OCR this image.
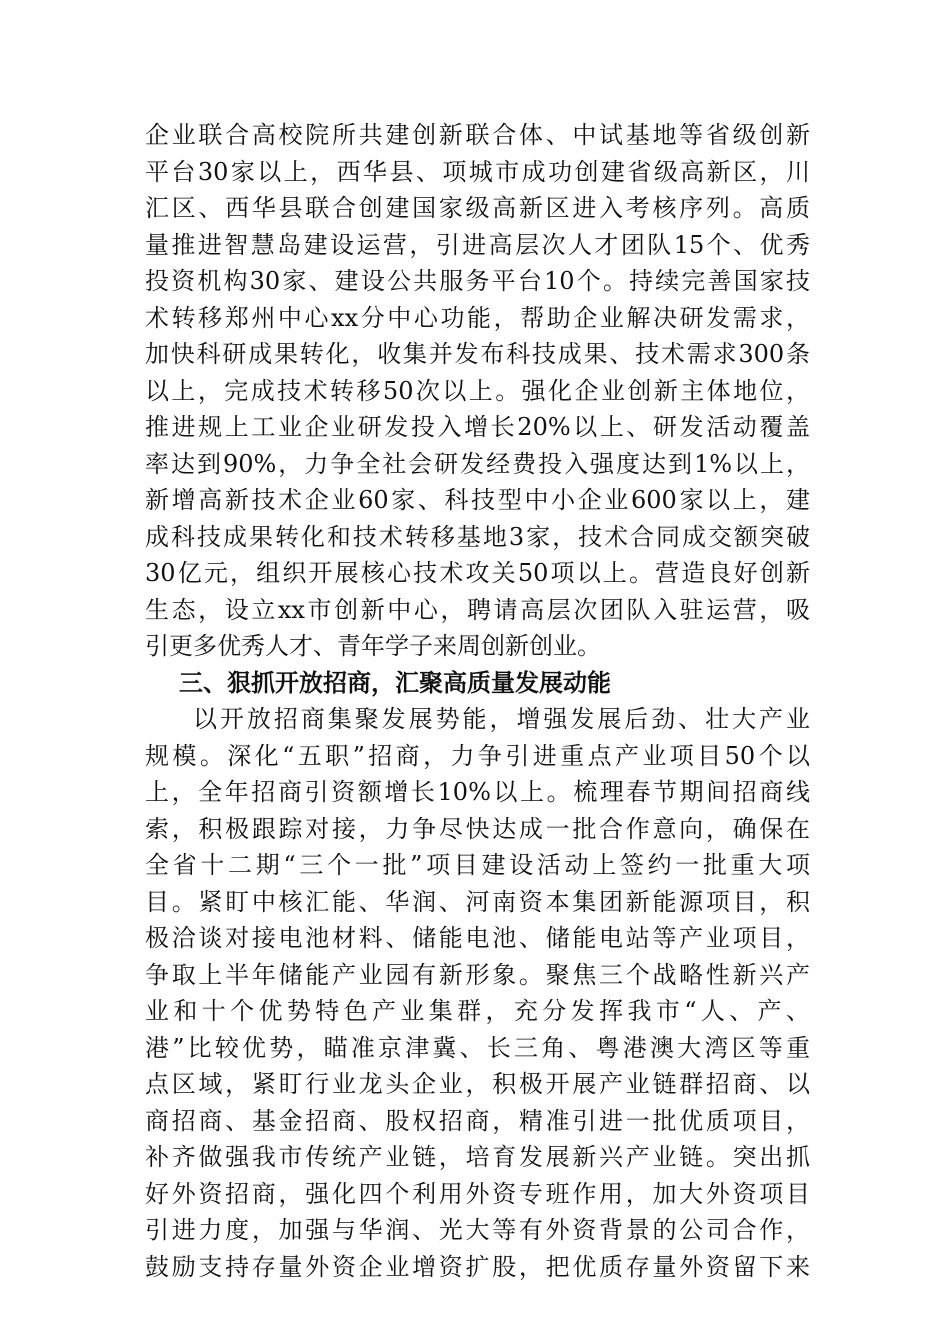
企业联合高校院所共建创新联合体、中试基地等省级创新
平台30家以上，西华县、项城市成功创建省级高新区，川
汇区、西华县联合创建国家级高新区进入考核序列。高质
量推进智慧岛建设运营，引进高层次人才团队15个、优秀
投资机构30家、建设公共服务平台10个。持续完善国家技
术转移郑州中心xx分中心功能，帮助企业解决研发需求，
加快科研成果转化，收集并发布科技成果、技术需求300条
以上，完成技术转移50次以上。强化企业创新主体地位，
推进规上工业企业研发投入增长20%以上、研发活动覆盖
率达到90%，力争全社会研发经费投入强度达到1%以上，
新增高新技术企业60家、科技型中小企业600家以上，建
成科技成果转化和技术转移基地3家，技术合同成交额突破
30亿元，组织开展核心技术攻关50项以上。营造良好创新
生态，设立xx市创新中心，聘请高层次团队入驻运营，吸
引更多优秀人才、青年学子来周创新创业。
三、狠抓开放招商，汇聚高质量发展动能
以开放招商集聚发展势能，增强发展后劲、壮大产业
规模。深化“五职”招商，力争引进重点产业项目50个以
上，全年招商引资额增长10%以上。梳理春节期间招商线
索，积极跟踪对接，力争尽快达成一批合作意向，确保在
全省十二期“三个一批”项目建设活动上签约一批重大项
目。紧盯中核汇能、华润、河南资本集团新能源项目，积
极洽谈对接电池材料、储能电池、储能电站等产业项目，
争取上半年储能产业园有新形象。聚焦三个战略性新兴产
业和十个优势特色产业集群，充分发挥我市“人、产、
港”比较优势，瞄准京津冀、长三角、粤港澳大湾区等重
点区域，紧盯行业龙头企业，积极开展产业链群招商、以
商招商、基金招商、股权招商，精准引进一批优质项目，
补齐做强我市传统产业链，培育发展新兴产业链。突出抓
好外资招商，强化四个利用外资专班作用，加大外资项目
引进力度，加强与华润、光大等有外资背景的公司合作，
鼓励支持存量外资企业增资扩股，把优质存量外资留下来
